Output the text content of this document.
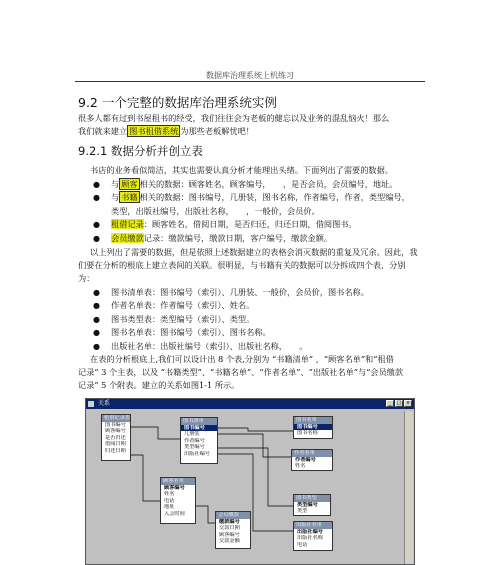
数据库治理系统上机练习
9.2 一个完整的数据库治理系统实例
很多人都有过到书屋租书的经受，我们往往会为老板的健忘以及业务的混乱恼火！那么
我们就来建立 图书租借系统 为那些老板解忧吧！
9.2.1 数据分析并创立表
书店的业务看似简洁，其实也需要认真分析才能理出头绪。下面列出了需要的数据。
● 与 顾客 相关的数据：顾客姓名，顾客编号，　　，是否会员，会员编号，地址。
● 与 书籍 相关的数据：图书编号，几册装，图书名称，作者编号，作者，类型编号，
类型，出版社编号，出版社名称，　　，一般价，会员价。
● 租借记录：顾客姓名，借阅日期，是否归还，归还日期，借阅图书。
● 会员缴款记录：缴款编号，缴款日期，客户编号，缴款金额。
以上列出了需要的数据，但是依照上述数据建立的表格会消灭数据的重复及冗余。因此，我
们要在分析的根底上建立表间的关联。很明显，与书籍有关的数据可以分拆成四个表，分别
为：
● 图书清单表：图书编号（索引）、几册装、一般价，会员价，图书名称。
● 作者名单表：作者编号（索引）、姓名。
● 图书类型表：类型编号（索引）、类型。
● 图书名单表：图书编号（索引）、图书名称。
● 出版社名单：出版社编号（索引）、出版社名称，　　。
在表的分析根底上,我们可以设计出 8 个表,分别为 “书籍清单” ，“顾客名单”和“租借
记录” 3 个主表，以及 “书籍类型”、“书籍名单”、“作者名单”、“出版社名单”与“会员缴款
记录” 5 个附表。建立的关系如图1-1 所示。
关系	_	□ ×
租借记录表
图书编号
顾客编号
是否归还
借阅日期
归还日期
图书清单
图书编号
几册装
作者编号
类型编号
出版社编号
图书名单
图书编号
图书名称
作者名单
作者编号
姓名
顾客名单
顾客编号
姓名
电话
地址
入会时间
图书类型
类型编号
类型
会员缴款
缴款编号
交款日期
顾客编号
交款金额
出版社名单
出版社编号
出版社名称
电话
